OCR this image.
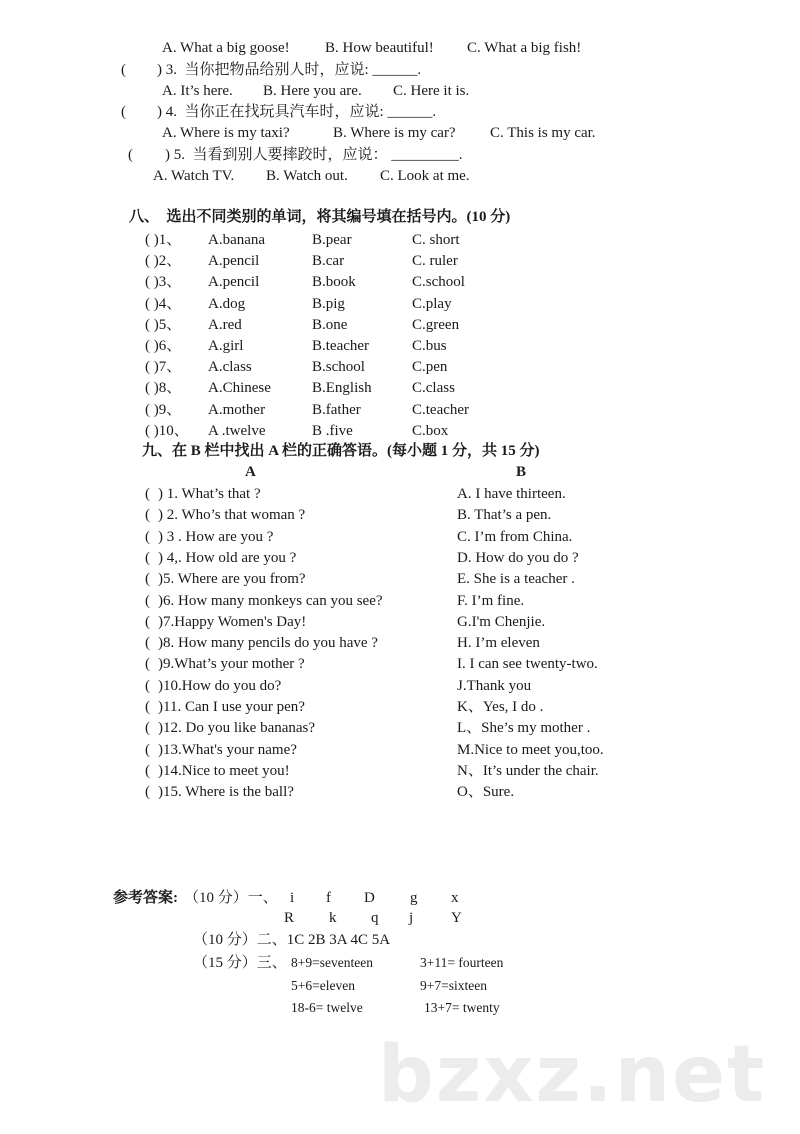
bzxz.net
A. What a big goose! B. How beautiful! C. What a big fish!
( ) 3.  当你把物品给别人时，应说: ______.
A. It’s here. B. Here you are. C. Here it is.
( ) 4.  当你正在找玩具汽车时，应说: ______.
A. Where is my taxi?	B. Where is my car? C. This is my car.
( ) 5.  当看到别人要摔跤时，应说： _________.
A. Watch TV. B. Watch out. C. Look at me.
八、  选出不同类别的单词，将其编号填在括号内。(10 分)
( )1、 A.banana	B.pear	C. short
( )2、 A.pencil	B.car	C. ruler
( )3、 A.pencil	B.book	C.school
( )4、 A.dog	B.pig	C.play
( )5、 A.red	B.one	C.green
( )6、 A.girl	B.teacher	C.bus
( )7、 A.class	B.school	C.pen
( )8、 A.Chinese	B.English	C.class
( )9、 A.mother	B.father	C.teacher
( )10、 A .twelve	B .five	C.box
九、在 B 栏中找出 A 栏的正确答语。(每小题 1 分，共 15 分)
A	B
( ) 1. What’s that ?	A. I have thirteen.
( ) 2. Who’s that woman ?	B. That’s a pen.
( ) 3 . How are you ?	C. I’m from China.
( ) 4,. How old are you ?	D. How do you do ?
( )5. Where are you from?	E. She is a teacher .
( )6. How many monkeys can you see?	F. I’m fine.
( )7.Happy Women's Day!	G.I'm Chenjie.
( )8. How many pencils do you have ?	H. I’m eleven
( )9.What’s your mother ?	I. I can see twenty-two.
( )10.How do you do?	J.Thank you
( )11. Can I use your pen?	K、Yes, I do .
( )12. Do you like bananas?	L、She’s my mother .
( )13.What's your name?	M.Nice to meet you,too.
( )14.Nice to meet you!	N、It’s under the chair.
( )15. Where is the ball?	O、Sure.
参考答案: （10 分）一、 i f D g x
R k q j	Y
（10 分）二、1C 2B 3A 4C 5A
（15 分）三、 8+9=seventeen	3+11= fourteen
5+6=eleven	9+7=sixteen
18-6= twelve	13+7= twenty
